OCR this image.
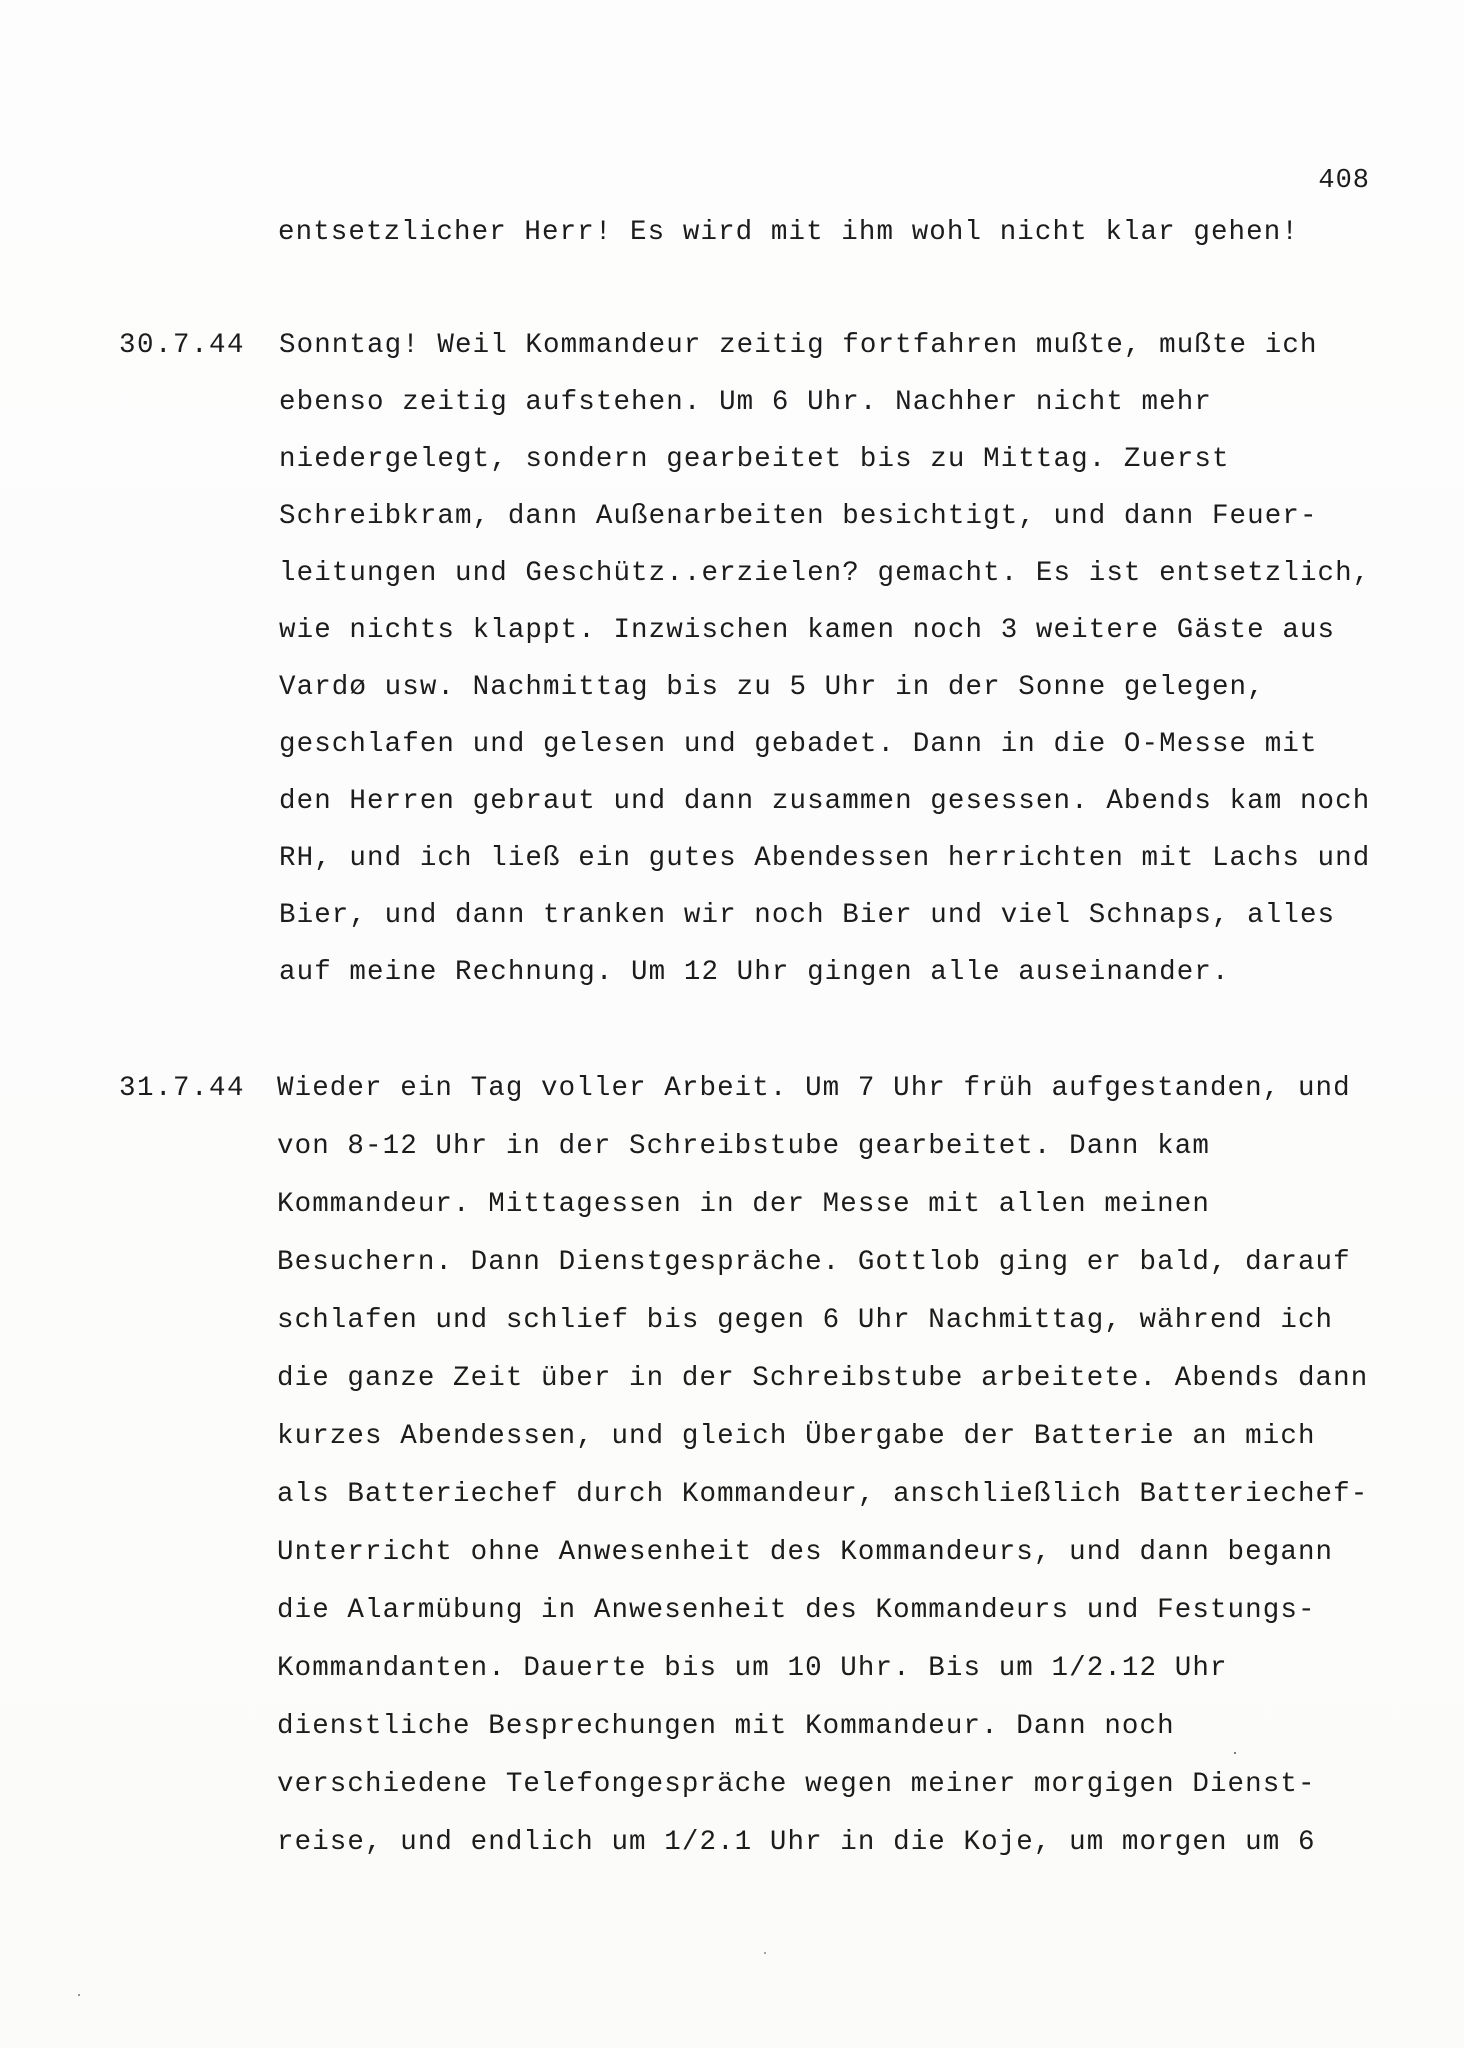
408
entsetzlicher Herr! Es wird mit ihm wohl nicht klar gehen!
30.7.44 Sonntag! Weil Kommandeur zeitig fortfahren mußte, mußte ich
ebenso zeitig aufstehen. Um 6 Uhr. Nachher nicht mehr
niedergelegt, sondern gearbeitet bis zu Mittag. Zuerst
Schreibkram, dann Außenarbeiten besichtigt, und dann Feuer-
leitungen und Geschütz..erzielen? gemacht. Es ist entsetzlich,
wie nichts klappt. Inzwischen kamen noch 3 weitere Gäste aus
Vardø usw. Nachmittag bis zu 5 Uhr in der Sonne gelegen,
geschlafen und gelesen und gebadet. Dann in die O-Messe mit
den Herren gebraut und dann zusammen gesessen. Abends kam noch
RH, und ich ließ ein gutes Abendessen herrichten mit Lachs und
Bier, und dann tranken wir noch Bier und viel Schnaps, alles
auf meine Rechnung. Um 12 Uhr gingen alle auseinander.
31.7.44 Wieder ein Tag voller Arbeit. Um 7 Uhr früh aufgestanden, und
von 8-12 Uhr in der Schreibstube gearbeitet. Dann kam
Kommandeur. Mittagessen in der Messe mit allen meinen
Besuchern. Dann Dienstgespräche. Gottlob ging er bald, darauf
schlafen und schlief bis gegen 6 Uhr Nachmittag, während ich
die ganze Zeit über in der Schreibstube arbeitete. Abends dann
kurzes Abendessen, und gleich Übergabe der Batterie an mich
als Batteriechef durch Kommandeur, anschließlich Batteriechef-
Unterricht ohne Anwesenheit des Kommandeurs, und dann begann
die Alarmübung in Anwesenheit des Kommandeurs und Festungs-
Kommandanten. Dauerte bis um 10 Uhr. Bis um 1/2.12 Uhr
dienstliche Besprechungen mit Kommandeur. Dann noch
verschiedene Telefongespräche wegen meiner morgigen Dienst-
reise, und endlich um 1/2.1 Uhr in die Koje, um morgen um 6
